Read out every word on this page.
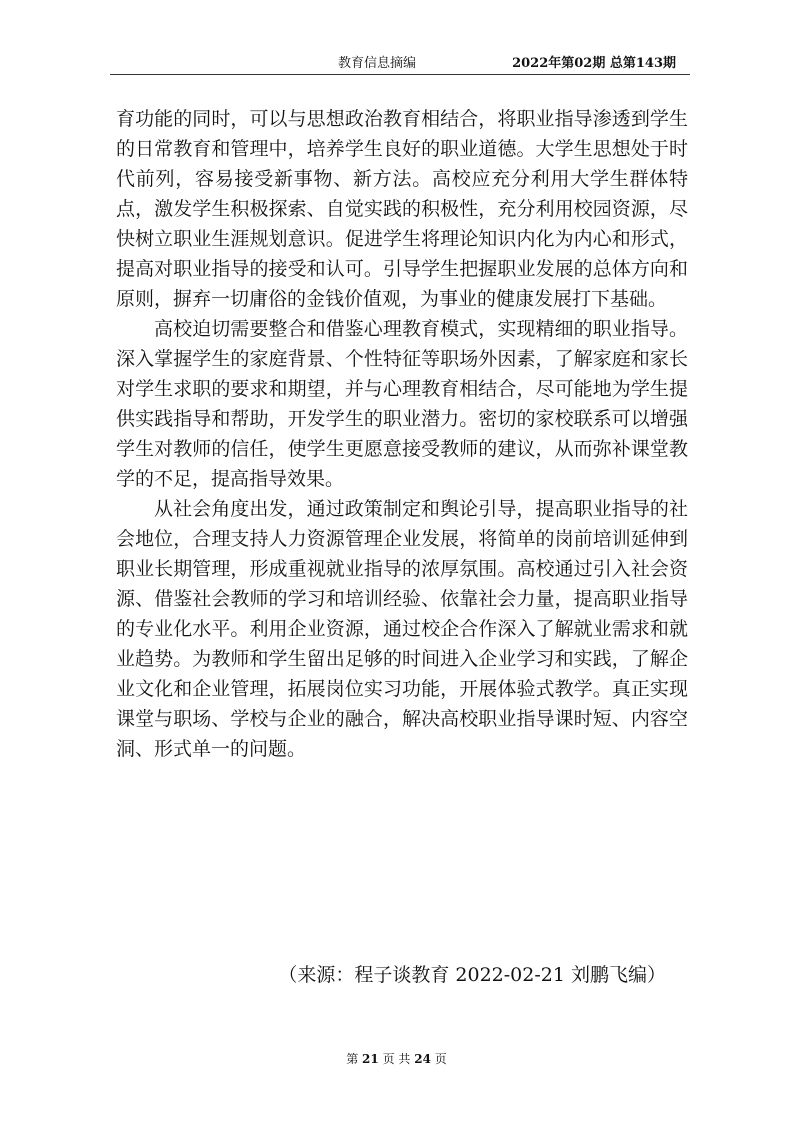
教育信息摘编	2022年第02期 总第143期

育功能的同时，可以与思想政治教育相结合，将职业指导渗透到学生的日常教育和管理中，培养学生良好的职业道德。大学生思想处于时代前列，容易接受新事物、新方法。高校应充分利用大学生群体特点，激发学生积极探索、自觉实践的积极性，充分利用校园资源，尽快树立职业生涯规划意识。促进学生将理论知识内化为内心和形式，提高对职业指导的接受和认可。引导学生把握职业发展的总体方向和原则，摒弃一切庸俗的金钱价值观，为事业的健康发展打下基础。

高校迫切需要整合和借鉴心理教育模式，实现精细的职业指导。深入掌握学生的家庭背景、个性特征等职场外因素，了解家庭和家长对学生求职的要求和期望，并与心理教育相结合，尽可能地为学生提供实践指导和帮助，开发学生的职业潜力。密切的家校联系可以增强学生对教师的信任，使学生更愿意接受教师的建议，从而弥补课堂教学的不足，提高指导效果。

从社会角度出发，通过政策制定和舆论引导，提高职业指导的社会地位，合理支持人力资源管理企业发展，将简单的岗前培训延伸到职业长期管理，形成重视就业指导的浓厚氛围。高校通过引入社会资源、借鉴社会教师的学习和培训经验、依靠社会力量，提高职业指导的专业化水平。利用企业资源，通过校企合作深入了解就业需求和就业趋势。为教师和学生留出足够的时间进入企业学习和实践，了解企业文化和企业管理，拓展岗位实习功能，开展体验式教学。真正实现课堂与职场、学校与企业的融合，解决高校职业指导课时短、内容空洞、形式单一的问题。

（来源：程子谈教育 2022-02-21 刘鹏飞编）
第 21 页 共 24 页
